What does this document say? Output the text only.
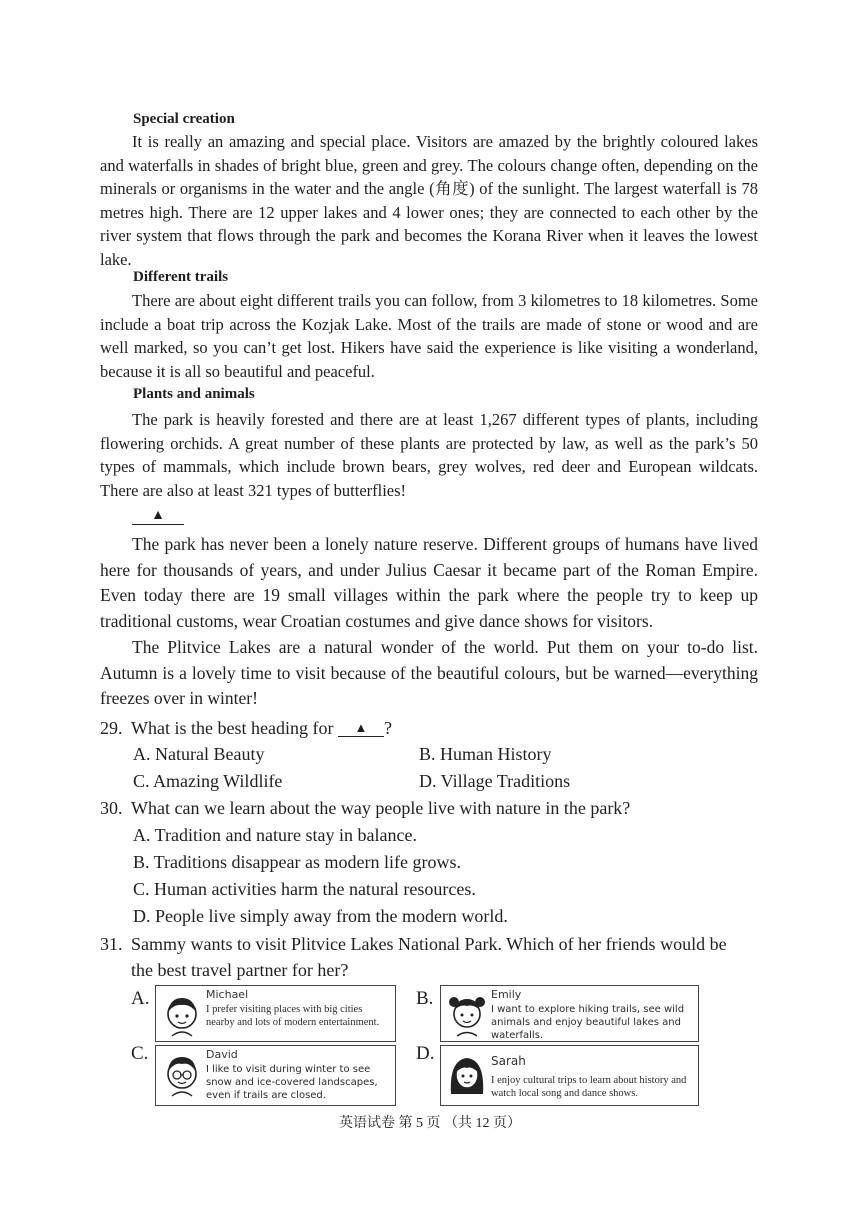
Special creation

It is really an amazing and special place. Visitors are amazed by the brightly coloured lakes and waterfalls in shades of bright blue, green and grey. The colours change often, depending on the minerals or organisms in the water and the angle (角度) of the sunlight. The largest waterfall is 78 metres high. There are 12 upper lakes and 4 lower ones; they are connected to each other by the river system that flows through the park and becomes the Korana River when it leaves the lowest lake.

Different trails

There are about eight different trails you can follow, from 3 kilometres to 18 kilometres. Some include a boat trip across the Kozjak Lake. Most of the trails are made of stone or wood and are well marked, so you can’t get lost. Hikers have said the experience is like visiting a wonderland, because it is all so beautiful and peaceful.

Plants and animals

The park is heavily forested and there are at least 1,267 different types of plants, including flowering orchids. A great number of these plants are protected by law, as well as the park’s 50 types of mammals, which include brown bears, grey wolves, red deer and European wildcats. There are also at least 321 types of butterflies!

▲

The park has never been a lonely nature reserve. Different groups of humans have lived here for thousands of years, and under Julius Caesar it became part of the Roman Empire. Even today there are 19 small villages within the park where the people try to keep up traditional customs, wear Croatian costumes and give dance shows for visitors.

The Plitvice Lakes are a natural wonder of the world. Put them on your to-do list. Autumn is a lovely time to visit because of the beautiful colours, but be warned—everything freezes over in winter!

29. What is the best heading for ▲ ?
A. Natural Beauty	B. Human History
C. Amazing Wildlife	D. Village Traditions
30. What can we learn about the way people live with nature in the park?
A. Tradition and nature stay in balance.
B. Traditions disappear as modern life grows.
C. Human activities harm the natural resources.
D. People live simply away from the modern world.
31. Sammy wants to visit Plitvice Lakes National Park. Which of her friends would be
the best travel partner for her?
A.	Michael
I prefer visiting places with big cities nearby and lots of modern entertainment.
B.	Emily
I want to explore hiking trails, see wild animals and enjoy beautiful lakes and waterfalls.
C.	David
I like to visit during winter to see snow and ice-covered landscapes, even if trails are closed.
D.	Sarah
I enjoy cultural trips to learn about history and watch local song and dance shows.
英语试卷 第 5 页 （共 12 页）
